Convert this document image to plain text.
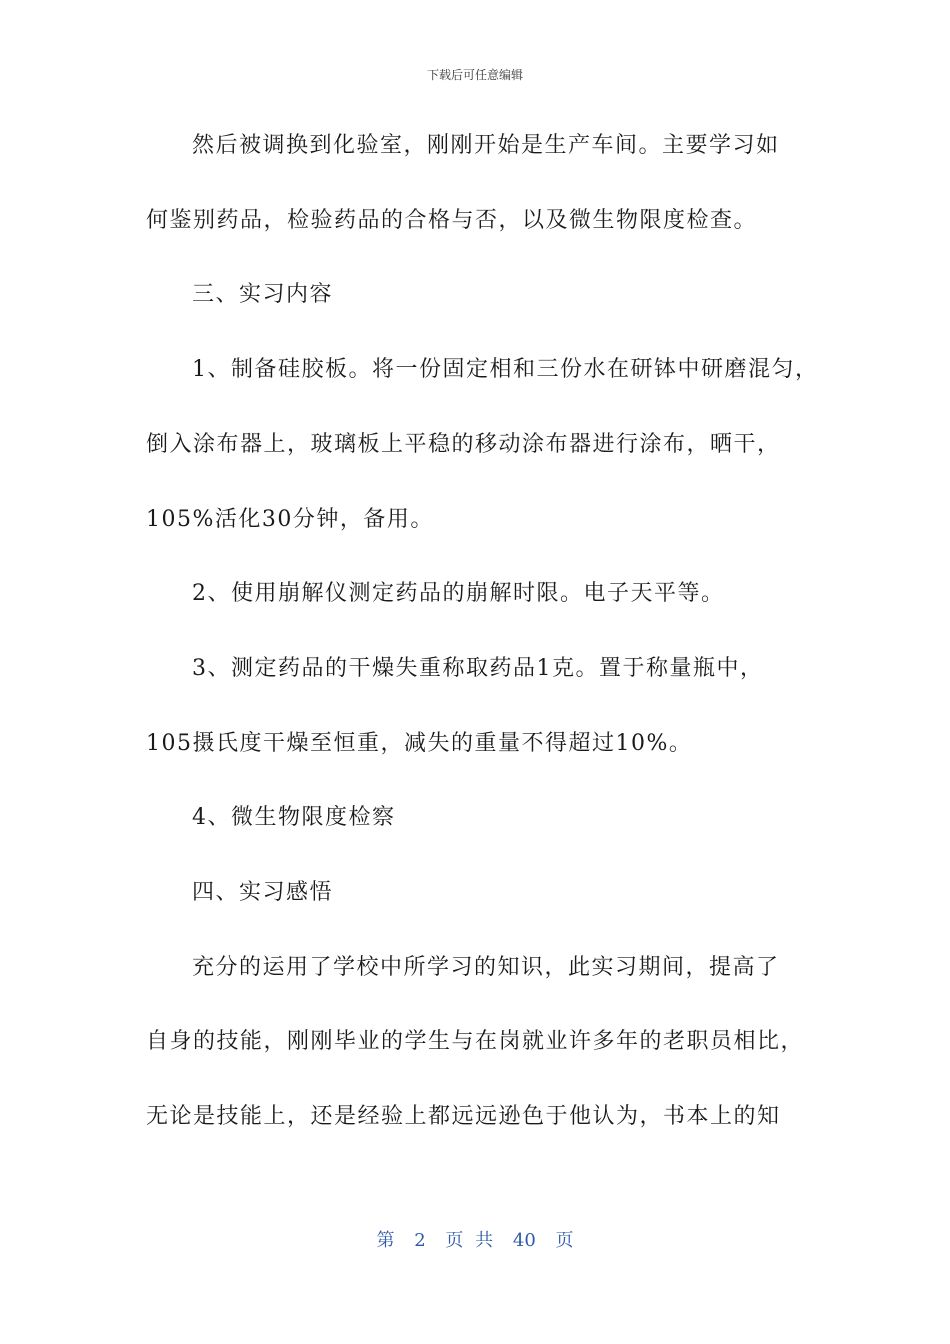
下载后可任意编辑
然后被调换到化验室，刚刚开始是生产车间。主要学习如
何鉴别药品，检验药品的合格与否，以及微生物限度检查。
三、实习内容
1、制备硅胶板。将一份固定相和三份水在研钵中研磨混匀，
倒入涂布器上，玻璃板上平稳的移动涂布器进行涂布，晒干，
105%活化30分钟，备用。
2、使用崩解仪测定药品的崩解时限。电子天平等。
3、测定药品的干燥失重称取药品1克。置于称量瓶中，
105摄氏度干燥至恒重，减失的重量不得超过10%。
4、微生物限度检察
四、实习感悟
充分的运用了学校中所学习的知识，此实习期间，提高了
自身的技能，刚刚毕业的学生与在岗就业许多年的老职员相比，
无论是技能上，还是经验上都远远逊色于他认为，书本上的知
第 2 页 共 40 页
